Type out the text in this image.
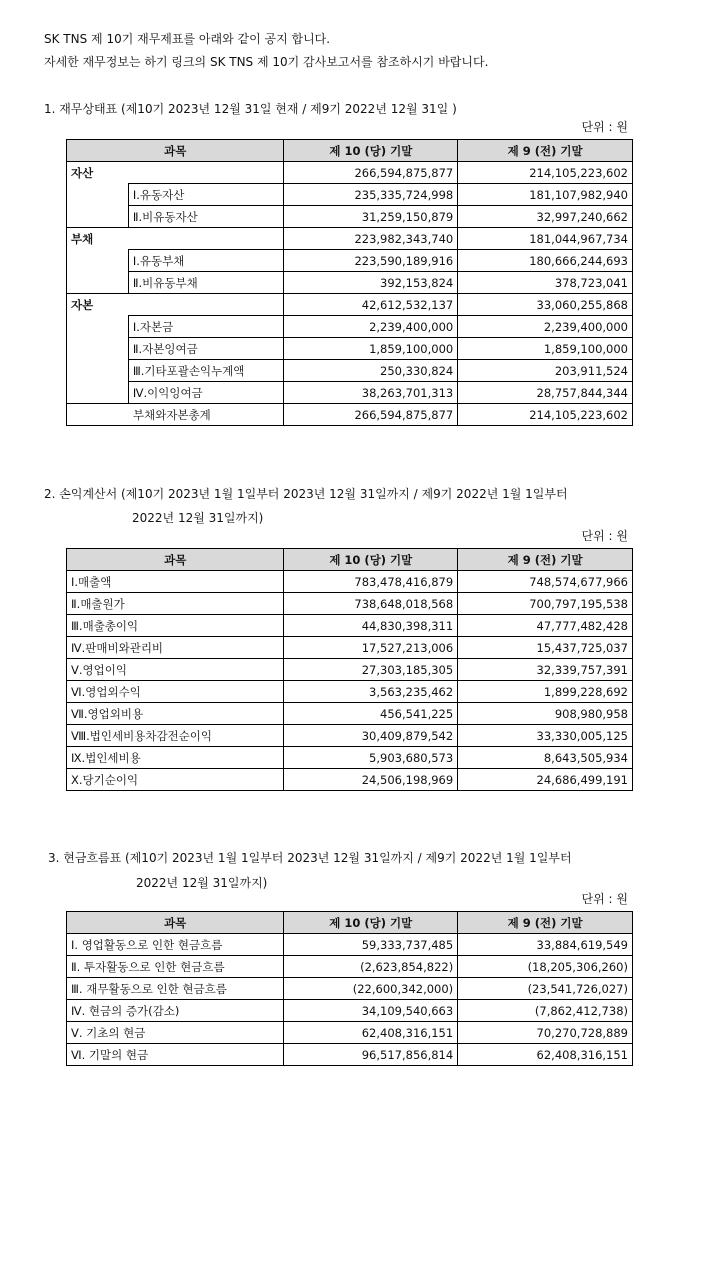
SK TNS 제 10기 재무제표를 아래와 같이 공지 합니다.
자세한 재무정보는 하기 링크의 SK TNS 제 10기 감사보고서를 참조하시기 바랍니다.
1. 재무상태표 (제10기 2023년 12월 31일 현재 / 제9기 2022년 12월 31일 )
단위 : 원
과목		제 10 (당) 기말	제 9 (전) 기말
자산		266,594,875,877	214,105,223,602
	Ⅰ.유동자산	235,335,724,998	181,107,982,940
	Ⅱ.비유동자산	31,259,150,879	32,997,240,662
부채		223,982,343,740	181,044,967,734
	Ⅰ.유동부채	223,590,189,916	180,666,244,693
	Ⅱ.비유동부채	392,153,824	378,723,041
자본		42,612,532,137	33,060,255,868
	Ⅰ.자본금	2,239,400,000	2,239,400,000
	Ⅱ.자본잉여금	1,859,100,000	1,859,100,000
	Ⅲ.기타포괄손익누계액	250,330,824	203,911,524
	Ⅳ.이익잉여금	38,263,701,313	28,757,844,344
부채와자본총계		266,594,875,877	214,105,223,602
2. 손익계산서 (제10기 2023년 1월 1일부터 2023년 12월 31일까지 / 제9기 2022년 1월 1일부터
2022년 12월 31일까지)
단위 : 원
과목	제 10 (당) 기말	제 9 (전) 기말
Ⅰ.매출액	783,478,416,879	748,574,677,966
Ⅱ.매출원가	738,648,018,568	700,797,195,538
Ⅲ.매출총이익	44,830,398,311	47,777,482,428
Ⅳ.판매비와관리비	17,527,213,006	15,437,725,037
Ⅴ.영업이익	27,303,185,305	32,339,757,391
Ⅵ.영업외수익	3,563,235,462	1,899,228,692
Ⅶ.영업외비용	456,541,225	908,980,958
Ⅷ.법인세비용차감전순이익	30,409,879,542	33,330,005,125
Ⅸ.법인세비용	5,903,680,573	8,643,505,934
Ⅹ.당기순이익	24,506,198,969	24,686,499,191
3. 현금흐름표 (제10기 2023년 1월 1일부터 2023년 12월 31일까지 / 제9기 2022년 1월 1일부터
2022년 12월 31일까지)
단위 : 원
과목	제 10 (당) 기말	제 9 (전) 기말
Ⅰ. 영업활동으로 인한 현금흐름	59,333,737,485	33,884,619,549
Ⅱ. 투자활동으로 인한 현금흐름	(2,623,854,822)	(18,205,306,260)
Ⅲ. 재무활동으로 인한 현금흐름	(22,600,342,000)	(23,541,726,027)
Ⅳ. 현금의 증가(감소)	34,109,540,663	(7,862,412,738)
Ⅴ. 기초의 현금	62,408,316,151	70,270,728,889
Ⅵ. 기말의 현금	96,517,856,814	62,408,316,151
